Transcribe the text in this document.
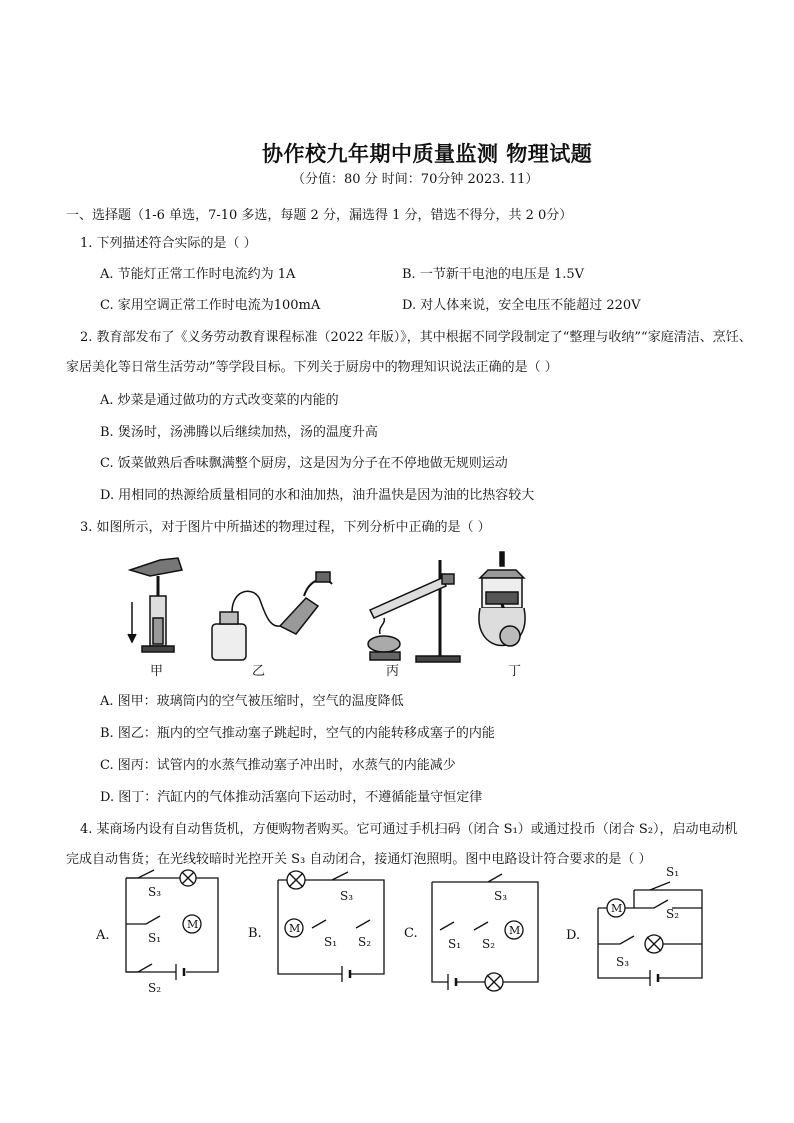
协作校九年期中质量监测 物理试题
（分值：80 分 时间：70分钟 2023. 11）
一、选择题（1-6 单选，7-10 多选，每题 2 分，漏选得 1 分，错选不得分，共 2 0分）
1. 下列描述符合实际的是（ ）
A. 节能灯正常工作时电流约为 1A	B. 一节新干电池的电压是 1.5V
C. 家用空调正常工作时电流为100mA	D. 对人体来说，安全电压不能超过 220V
2. 教育部发布了《义务劳动教育课程标准（2022 年版）》，其中根据不同学段制定了“整理与收纳”“家庭清洁、烹饪、
家居美化等日常生活劳动”等学段目标。下列关于厨房中的物理知识说法正确的是（ ）
A. 炒菜是通过做功的方式改变菜的内能的
B. 煲汤时，汤沸腾以后继续加热，汤的温度升高
C. 饭菜做熟后香味飘满整个厨房，这是因为分子在不停地做无规则运动
D. 用相同的热源给质量相同的水和油加热，油升温快是因为油的比热容较大
3. 如图所示，对于图片中所描述的物理过程，下列分析中正确的是（ ）
甲	乙	丙	丁
A. 图甲：玻璃筒内的空气被压缩时，空气的温度降低
B. 图乙：瓶内的空气推动塞子跳起时，空气的内能转移成塞子的内能
C. 图丙：试管内的水蒸气推动塞子冲出时，水蒸气的内能减少
D. 图丁：汽缸内的气体推动活塞向下运动时，不遵循能量守恒定律
4. 某商场内设有自动售货机，方便购物者购买。它可通过手机扫码（闭合 S₁）或通过投币（闭合 S₂），启动电动机
完成自动售货；在光线较暗时光控开关 S₃ 自动闭合，接通灯泡照明。图中电路设计符合要求的是（ ）
A.	B.	C.	D.
S₃
M
S₁
S₂
S₃
M
S₁ S₂
S₃
S₁ S₂
M
S₁
S₂
S₃
M
